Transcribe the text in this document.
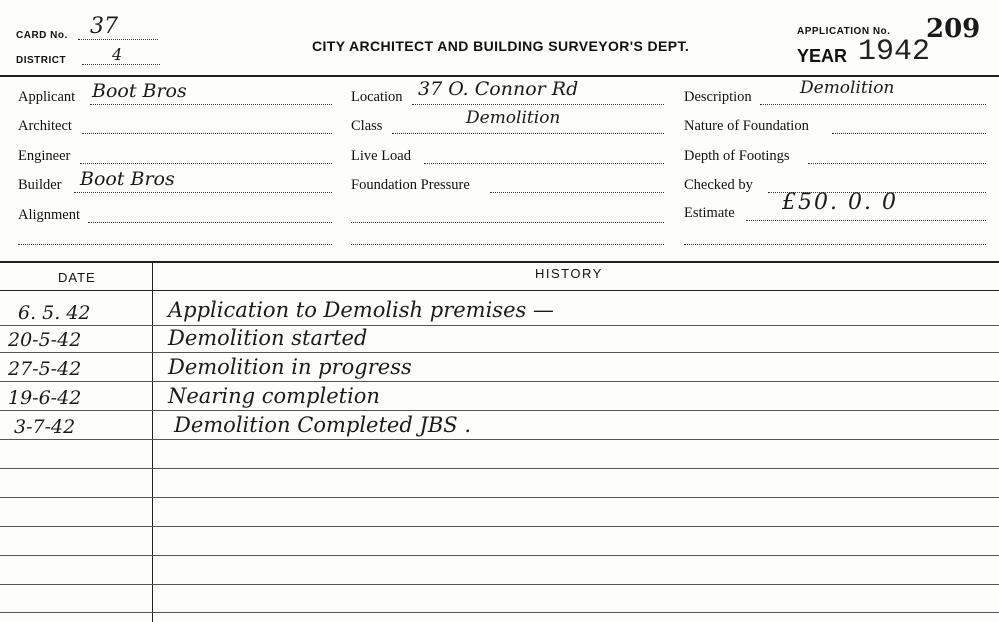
CARD No. 37
DISTRICT	4	CITY ARCHITECT AND BUILDING SURVEYOR'S DEPT.
APPLICATION No. 209
YEAR 1942
Applicant Boot Bros
Architect
Engineer
Builder Boot Bros
Alignment
Location 37 O. Connor Rd
Class	Demolition
Live Load
Foundation Pressure
Description	Demolition
Nature of Foundation
Depth of Footings
Checked by
Estimate £50. 0. 0
DATE	HISTORY
6. 5. 42	Application to Demolish premises —
20-5-42	Demolition started
27-5-42	Demolition in progress
19-6-42	Nearing completion
3-7-42	Demolition Completed JBS .
